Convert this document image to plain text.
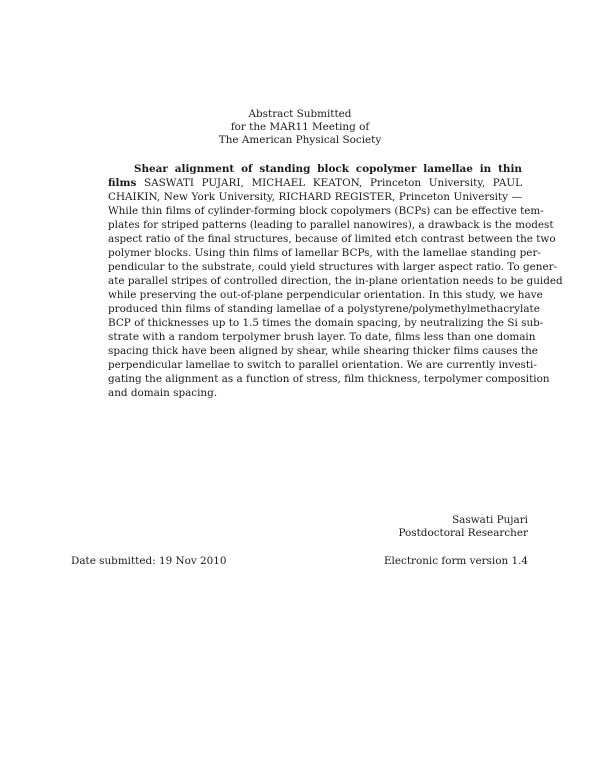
Abstract Submitted
for the MAR11 Meeting of
The American Physical Society
Shear alignment of standing block copolymer lamellae in thin
films SASWATI PUJARI, MICHAEL KEATON, Princeton University, PAUL
CHAIKIN, New York University, RICHARD REGISTER, Princeton University —
While thin films of cylinder-forming block copolymers (BCPs) can be effective tem-
plates for striped patterns (leading to parallel nanowires), a drawback is the modest
aspect ratio of the final structures, because of limited etch contrast between the two
polymer blocks. Using thin films of lamellar BCPs, with the lamellae standing per-
pendicular to the substrate, could yield structures with larger aspect ratio. To gener-
ate parallel stripes of controlled direction, the in-plane orientation needs to be guided
while preserving the out-of-plane perpendicular orientation. In this study, we have
produced thin films of standing lamellae of a polystyrene/polymethylmethacrylate
BCP of thicknesses up to 1.5 times the domain spacing, by neutralizing the Si sub-
strate with a random terpolymer brush layer. To date, films less than one domain
spacing thick have been aligned by shear, while shearing thicker films causes the
perpendicular lamellae to switch to parallel orientation. We are currently investi-
gating the alignment as a function of stress, film thickness, terpolymer composition
and domain spacing.
Saswati Pujari
Postdoctoral Researcher
Date submitted: 19 Nov 2010	Electronic form version 1.4
